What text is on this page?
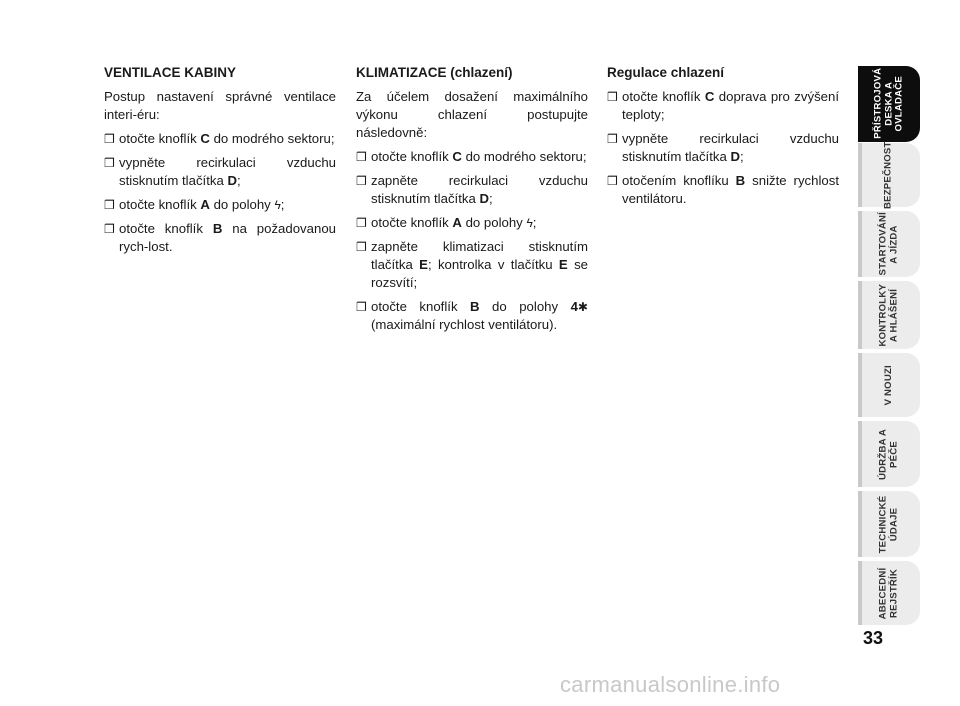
VENTILACE KABINY
Postup nastavení správné ventilace interi-éru:
❒ otočte knoflík C do modrého sektoru;
❒ vypněte recirkulaci vzduchu stisknutím tlačítka D;
❒ otočte knoflík A do polohy ϟ;
❒ otočte knoflík B na požadovanou rych-lost.
KLIMATIZACE (chlazení)
Za účelem dosažení maximálního výkonu chlazení postupujte následovně:
❒ otočte knoflík C do modrého sektoru;
❒ zapněte recirkulaci vzduchu stisknutím tlačítka D;
❒ otočte knoflík A do polohy ϟ;
❒ zapněte klimatizaci stisknutím tlačítka E; kontrolka v tlačítku E se rozsvítí;
❒ otočte knoflík B do polohy 4✱ (maximální rychlost ventilátoru).
Regulace chlazení
❒ otočte knoflík C doprava pro zvýšení teploty;
❒ vypněte recirkulaci vzduchu stisknutím tlačítka D;
❒ otočením knoflíku B snižte rychlost ventilátoru.
PŘÍSTROJOVÁ DESKA A OVLADAČE
BEZPEČNOST
STARTOVÁNÍ A JÍZDA
KONTROLKY A HLÁŠENÍ
V NOUZI
ÚDRŽBA A PÉČE
TECHNICKÉ ÚDAJE
ABECEDNÍ REJSTŘÍK
33
carmanualsonline.info
